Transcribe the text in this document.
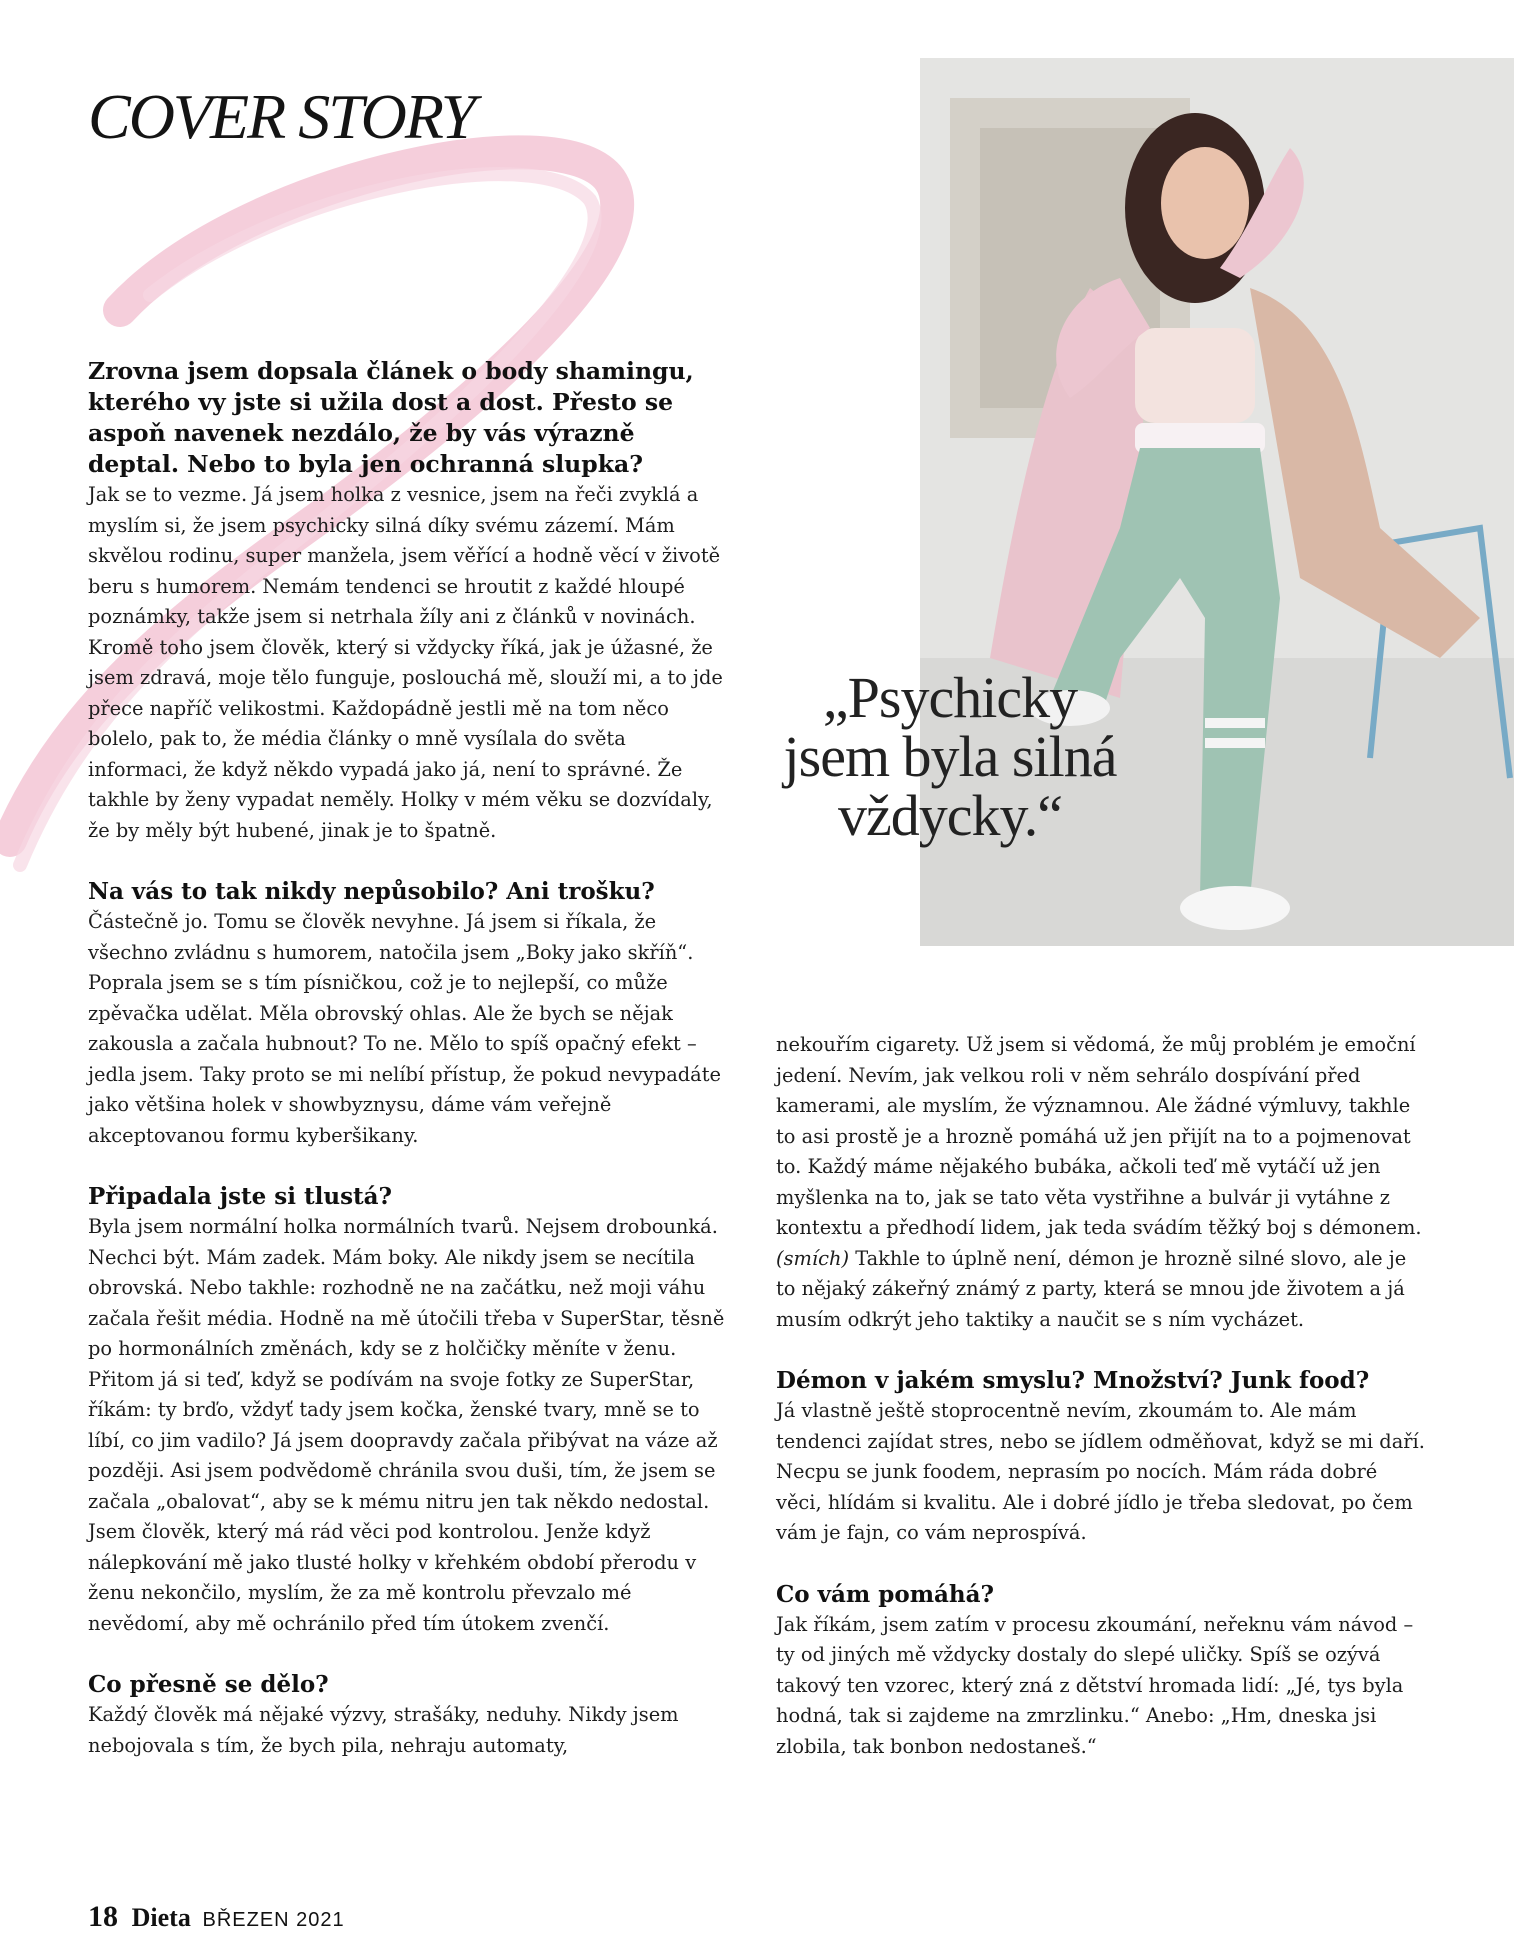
COVER STORY

„Psychicky jsem byla silná vždycky.“

Zrovna jsem dopsala článek o body shamingu, kterého vy jste si užila dost a dost. Přesto se aspoň navenek nezdálo, že by vás výrazně deptal. Nebo to byla jen ochranná slupka?

Jak se to vezme. Já jsem holka z vesnice, jsem na řeči zvyklá a myslím si, že jsem psychicky silná díky svému zázemí. Mám skvělou rodinu, super manžela, jsem věřící a hodně věcí v životě beru s humorem. Nemám tendenci se hroutit z každé hloupé poznámky, takže jsem si netrhala žíly ani z článků v novinách. Kromě toho jsem člověk, který si vždycky říká, jak je úžasné, že jsem zdravá, moje tělo funguje, poslouchá mě, slouží mi, a to jde přece napříč velikostmi. Každopádně jestli mě na tom něco bolelo, pak to, že média články o mně vysílala do světa informaci, že když někdo vypadá jako já, není to správné. Že takhle by ženy vypadat neměly. Holky v mém věku se dozvídaly, že by měly být hubené, jinak je to špatně.

Na vás to tak nikdy nepůsobilo? Ani trošku?

Částečně jo. Tomu se člověk nevyhne. Já jsem si říkala, že všechno zvládnu s humorem, natočila jsem „Boky jako skříň“. Poprala jsem se s tím písničkou, což je to nejlepší, co může zpěvačka udělat. Měla obrovský ohlas. Ale že bych se nějak zakousla a začala hubnout? To ne. Mělo to spíš opačný efekt – jedla jsem. Taky proto se mi nelíbí přístup, že pokud nevypadáte jako většina holek v showbyznysu, dáme vám veřejně akceptovanou formu kyberšikany.

Připadala jste si tlustá?

Byla jsem normální holka normálních tvarů. Nejsem drobounká. Nechci být. Mám zadek. Mám boky. Ale nikdy jsem se necítila obrovská. Nebo takhle: rozhodně ne na začátku, než moji váhu začala řešit média. Hodně na mě útočili třeba v SuperStar, těsně po hormonálních změnách, kdy se z holčičky měníte v ženu. Přitom já si teď, když se podívám na svoje fotky ze SuperStar, říkám: ty brďo, vždyť tady jsem kočka, ženské tvary, mně se to líbí, co jim vadilo? Já jsem doopravdy začala přibývat na váze až později. Asi jsem podvědomě chránila svou duši, tím, že jsem se začala „obalovat“, aby se k mému nitru jen tak někdo nedostal. Jsem člověk, který má rád věci pod kontrolou. Jenže když nálepkování mě jako tlusté holky v křehkém období přerodu v ženu nekončilo, myslím, že za mě kontrolu převzalo mé nevědomí, aby mě ochránilo před tím útokem zvenčí.

Co přesně se dělo?

Každý člověk má nějaké výzvy, strašáky, neduhy. Nikdy jsem nebojovala s tím, že bych pila, nehraju automaty,

nekouřím cigarety. Už jsem si vědomá, že můj problém je emoční jedení. Nevím, jak velkou roli v něm sehrálo dospívání před kamerami, ale myslím, že významnou. Ale žádné výmluvy, takhle to asi prostě je a hrozně pomáhá už jen přijít na to a pojmenovat to. Každý máme nějakého bubáka, ačkoli teď mě vytáčí už jen myšlenka na to, jak se tato věta vystřihne a bulvár ji vytáhne z kontextu a předhodí lidem, jak teda svádím těžký boj s démonem. (smích) Takhle to úplně není, démon je hrozně silné slovo, ale je to nějaký zákeřný známý z party, která se mnou jde životem a já musím odkrýt jeho taktiky a naučit se s ním vycházet.

Démon v jakém smyslu? Množství? Junk food?

Já vlastně ještě stoprocentně nevím, zkoumám to. Ale mám tendenci zajídat stres, nebo se jídlem odměňovat, když se mi daří. Necpu se junk foodem, neprasím po nocích. Mám ráda dobré věci, hlídám si kvalitu. Ale i dobré jídlo je třeba sledovat, po čem vám je fajn, co vám neprospívá.

Co vám pomáhá?

Jak říkám, jsem zatím v procesu zkoumání, neřeknu vám návod – ty od jiných mě vždycky dostaly do slepé uličky. Spíš se ozývá takový ten vzorec, který zná z dětství hromada lidí: „Jé, tys byla hodná, tak si zajdeme na zmrzlinku.“ Anebo: „Hm, dneska jsi zlobila, tak bonbon nedostaneš.“

18 Dieta BŘEZEN 2021
